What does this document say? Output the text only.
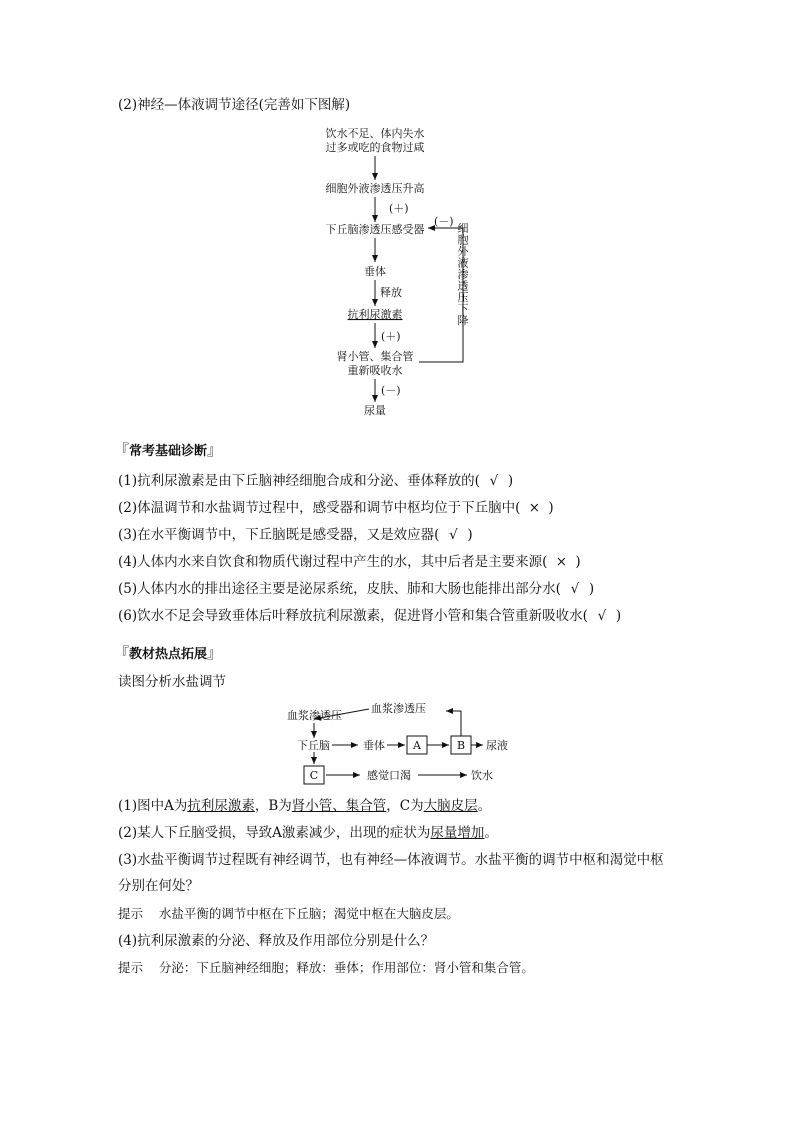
(2)神经—体液调节途径(完善如下图解)
饮水不足、体内失水
过多或吃的食物过咸
细胞外液渗透压升高
(＋)
下丘脑渗透压感受器
垂体
释放
抗利尿激素
(＋)
肾小管、集合管
重新吸收水
(－)
尿量
(－)
细
胞
外
液
渗
透
压
下
降
『常考基础诊断』
(1)抗利尿激素是由下丘脑神经细胞合成和分泌、垂体释放的( √ )
(2)体温调节和水盐调节过程中，感受器和调节中枢均位于下丘脑中( × )
(3)在水平衡调节中，下丘脑既是感受器，又是效应器( √ )
(4)人体内水来自饮食和物质代谢过程中产生的水，其中后者是主要来源( × )
(5)人体内水的排出途径主要是泌尿系统，皮肤、肺和大肠也能排出部分水( √ )
(6)饮水不足会导致垂体后叶释放抗利尿激素，促进肾小管和集合管重新吸收水( √ )
『教材热点拓展』
读图分析水盐调节
血浆渗透压
血浆渗透压
下丘脑	垂体	尿液
感觉口渴	饮水
A	B
C
(1)图中A为抗利尿激素，B为肾小管、集合管，C为大脑皮层。
(2)某人下丘脑受损，导致A激素减少，出现的症状为尿量增加。
(3)水盐平衡调节过程既有神经调节，也有神经—体液调节。水盐平衡的调节中枢和渴觉中枢
分别在何处？
提示 水盐平衡的调节中枢在下丘脑；渴觉中枢在大脑皮层。
(4)抗利尿激素的分泌、释放及作用部位分别是什么？
提示 分泌：下丘脑神经细胞；释放：垂体；作用部位：肾小管和集合管。
